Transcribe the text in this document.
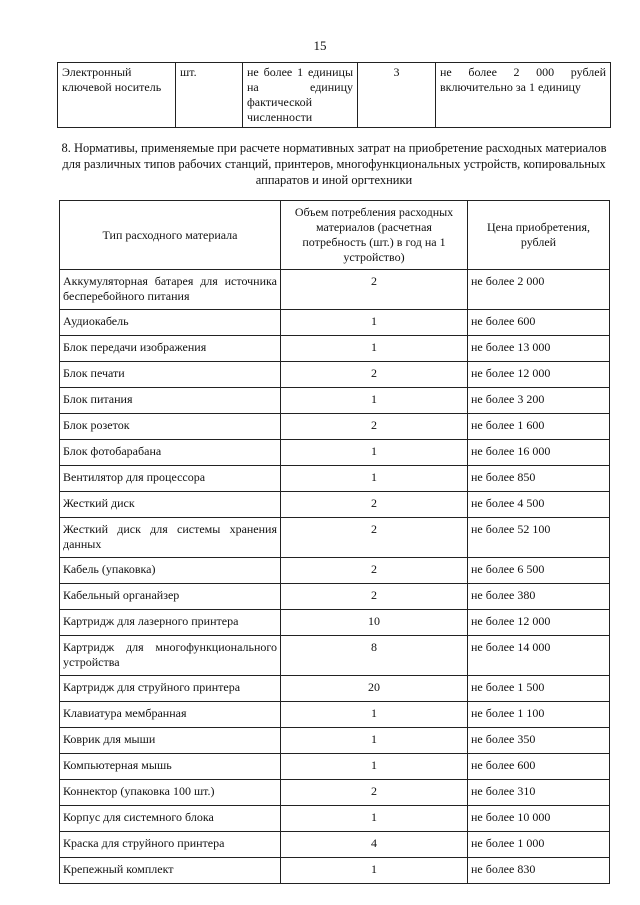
15
Электронный ключевой носитель	шт.	не более 1 единицы на единицу фактической численности	3	не более 2 000 рублей включительно за 1 единицу
8. Нормативы, применяемые при расчете нормативных затрат на приобретение расходных материалов для различных типов рабочих станций, принтеров, многофункциональных устройств, копировальных аппаратов и иной оргтехники
Тип расходного материала	Объем потребления расходных материалов (расчетная потребность (шт.) в год на 1 устройство)	Цена приобретения, рублей
Аккумуляторная батарея для источника бесперебойного питания	2	не более 2 000
Аудиокабель	1	не более 600
Блок передачи изображения	1	не более 13 000
Блок печати	2	не более 12 000
Блок питания	1	не более 3 200
Блок розеток	2	не более 1 600
Блок фотобарабана	1	не более 16 000
Вентилятор для процессора	1	не более 850
Жесткий диск	2	не более 4 500
Жесткий диск для системы хранения данных	2	не более 52 100
Кабель (упаковка)	2	не более 6 500
Кабельный органайзер	2	не более 380
Картридж для лазерного принтера	10	не более 12 000
Картридж для многофункционального устройства	8	не более 14 000
Картридж для струйного принтера	20	не более 1 500
Клавиатура мембранная	1	не более 1 100
Коврик для мыши	1	не более 350
Компьютерная мышь	1	не более 600
Коннектор (упаковка 100 шт.)	2	не более 310
Корпус для системного блока	1	не более 10 000
Краска для струйного принтера	4	не более 1 000
Крепежный комплект	1	не более 830
